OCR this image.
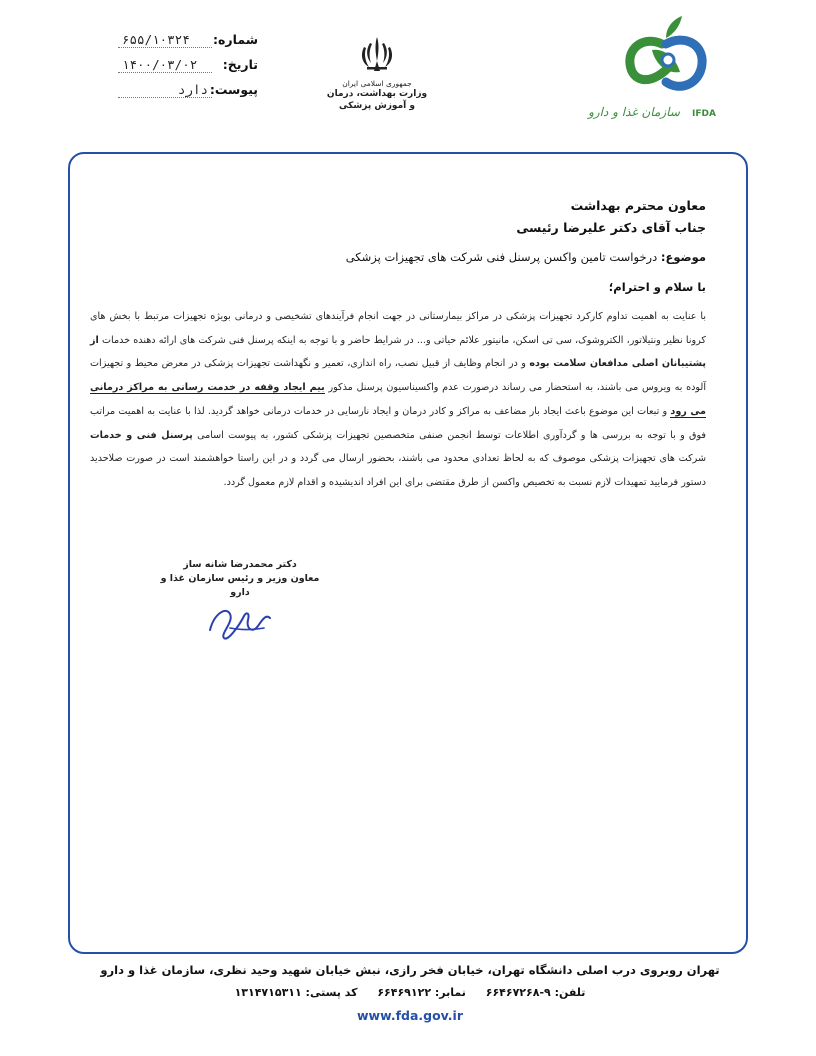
شماره:
۶۵۵/۱۰۳۲۴
تاریخ:
۱۴۰۰/۰۳/۰۲
پیوست:
دارد	جمهوری اسلامی ایران
وزارت بهداشت، درمان
و آموزش پزشکی	سازمان غذا و دارو	IFDA
معاون محترم بهداشت
جناب آقای دکتر علیرضا رئیسی
موضوع: درخواست تامین واکسن پرسنل فنی شرکت های تجهیزات پزشکی
با سلام و احترام؛
با عنایت به اهمیت تداوم کارکرد تجهیزات پزشکی در مراکز بیمارستانی در جهت انجام فرآیندهای تشخیصی و درمانی بویژه تجهیزات مرتبط با بخش های کرونا نظیر ونتیلاتور، الکتروشوک، سی تی اسکن، مانیتور علائم حیاتی و... در شرایط حاضر و با توجه به اینکه پرسنل فنی شرکت های ارائه دهنده خدمات از پشتیبانان اصلی مدافعان سلامت بوده و در انجام وظایف از قبیل نصب، راه اندازی، تعمیر و نگهداشت تجهیزات پزشکی در معرض محیط و تجهیزات آلوده به ویروس می باشند، به استحضار می رساند درصورت عدم واکسیناسیون پرسنل مذکور بیم ایجاد وقفه در خدمت رسانی به مراکز درمانی می رود و تبعات این موضوع باعث ایجاد بار مضاعف به مراکز و کادر درمان و ایجاد نارسایی در خدمات درمانی خواهد گردید. لذا با عنایت به اهمیت مراتب فوق و با توجه به بررسی ها و گردآوری اطلاعات توسط انجمن صنفی متخصصین تجهیزات پزشکی کشور، به پیوست اسامی پرسنل فنی و خدمات شرکت های تجهیزات پزشکی موصوف که به لحاظ تعدادی محدود می باشند، بحضور ارسال می گردد و در این راستا خواهشمند است در صورت صلاحدید دستور فرمایید تمهیدات لازم نسبت به تخصیص واکسن از طرق مقتضی برای این افراد اندیشیده و اقدام لازم معمول گردد.
دکتر محمدرضا شانه ساز
معاون وزیر و رئیس سازمان غذا و دارو
تهران روبروی درب اصلی دانشگاه تهران، خیابان فخر رازی، نبش خیابان شهید وحید نظری، سازمان غذا و دارو
تلفن: ۹-۶۶۴۶۷۲۶۸ نمابر: ۶۶۴۶۹۱۲۲ کد پستی: ۱۳۱۴۷۱۵۳۱۱
www.fda.gov.ir
